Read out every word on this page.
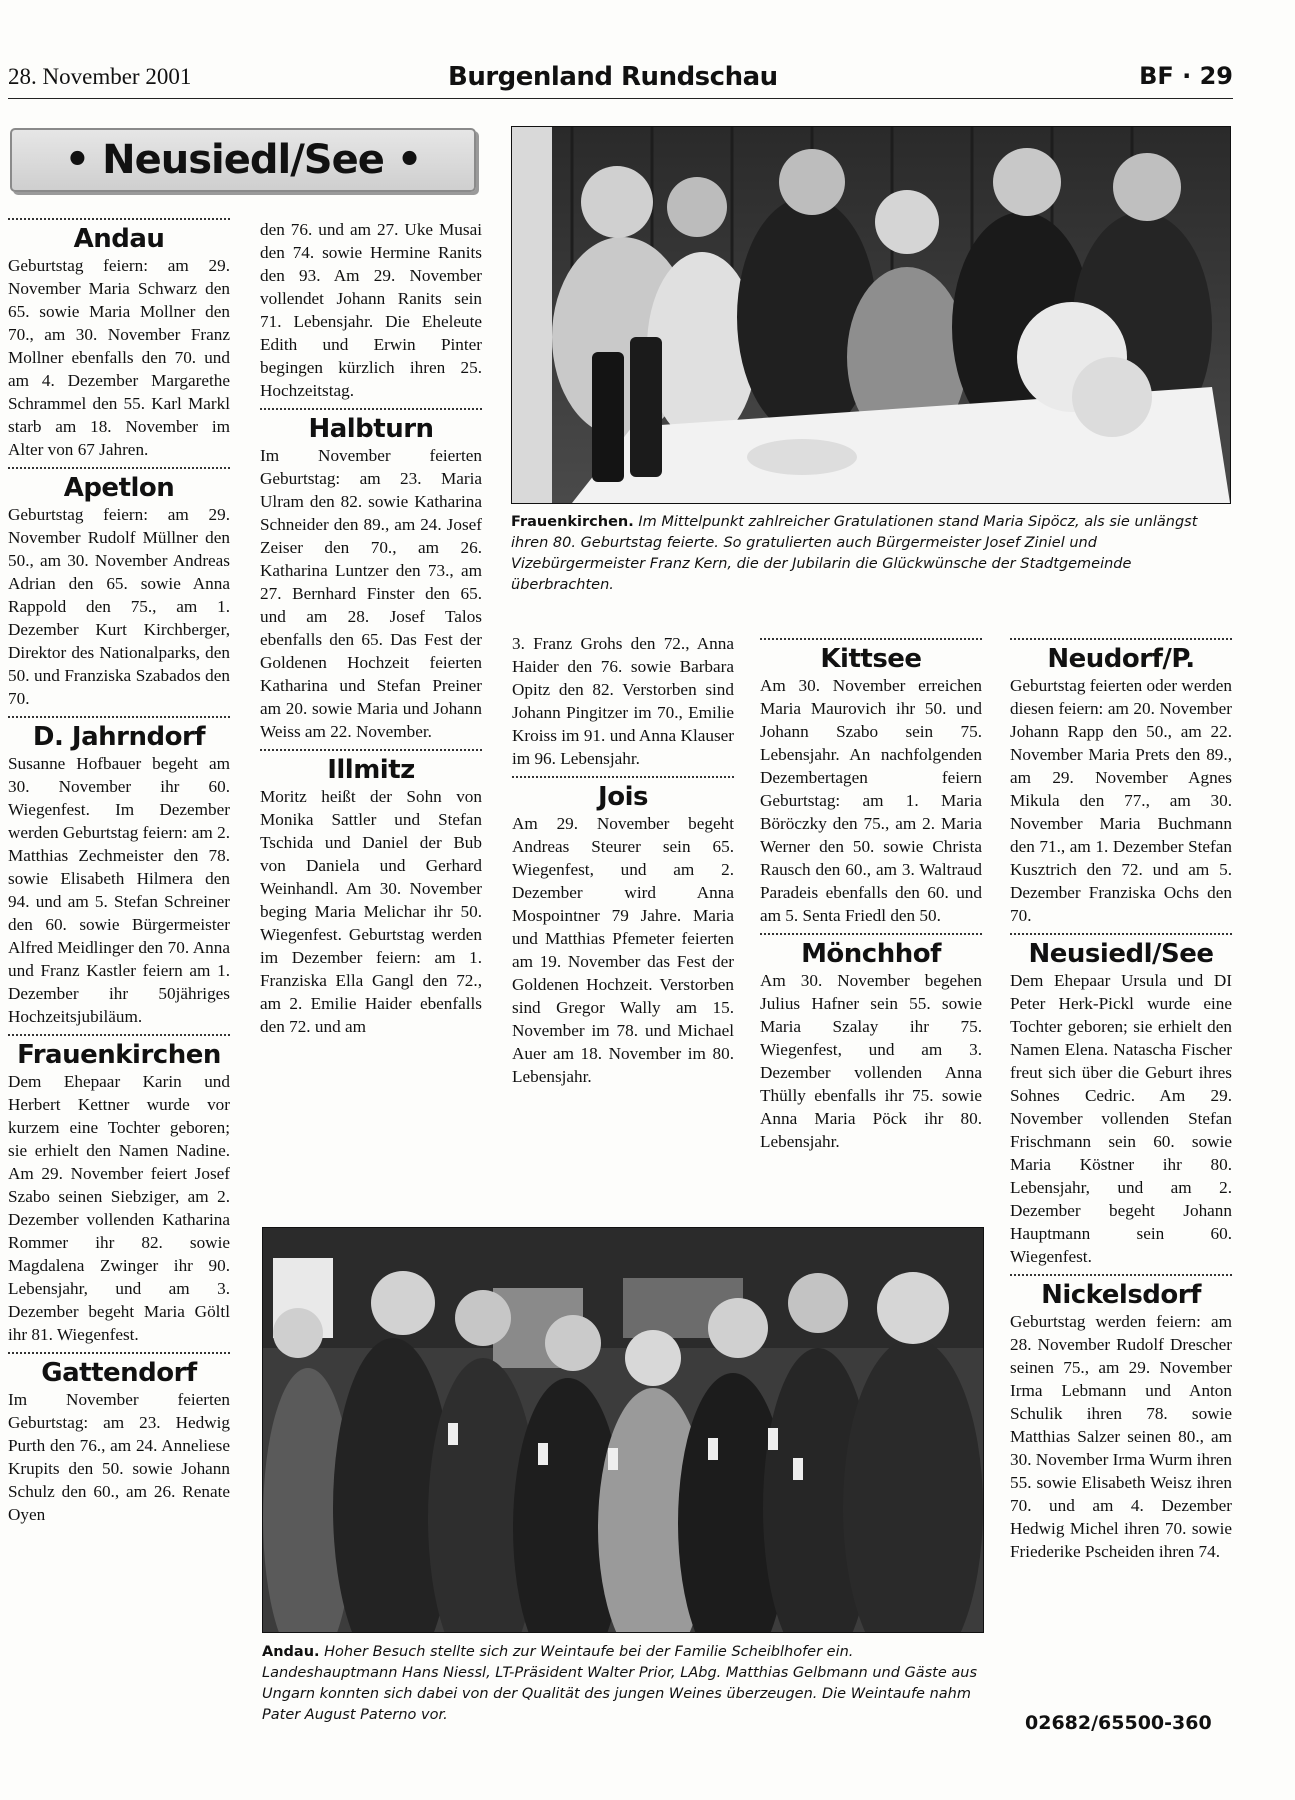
28. November 2001	Burgenland Rundschau	BF · 29
• Neusiedl/See •
Andau

Geburtstag feiern: am 29. November Maria Schwarz den 65. sowie Maria Mollner den 70., am 30. November Franz Mollner ebenfalls den 70. und am 4. Dezember Margarethe Schrammel den 55. Karl Markl starb am 18. November im Alter von 67 Jahren.

Apetlon

Geburtstag feiern: am 29. November Rudolf Müllner den 50., am 30. November Andreas Adrian den 65. sowie Anna Rappold den 75., am 1. Dezember Kurt Kirchberger, Direktor des Nationalparks, den 50. und Franziska Szabados den 70.

D. Jahrndorf

Susanne Hofbauer begeht am 30. November ihr 60. Wiegenfest. Im Dezember werden Geburtstag feiern: am 2. Matthias Zechmeister den 78. sowie Elisabeth Hilmera den 94. und am 5. Stefan Schreiner den 60. sowie Bürgermeister Alfred Meidlinger den 70. Anna und Franz Kastler feiern am 1. Dezember ihr 50jähriges Hochzeitsjubiläum.

Frauenkirchen

Dem Ehepaar Karin und Herbert Kettner wurde vor kurzem eine Tochter geboren; sie erhielt den Namen Nadine. Am 29. November feiert Josef Szabo seinen Siebziger, am 2. Dezember vollenden Katharina Rommer ihr 82. sowie Magdalena Zwinger ihr 90. Lebensjahr, und am 3. Dezember begeht Maria Göltl ihr 81. Wiegenfest.

Gattendorf

Im November feierten Geburtstag: am 23. Hedwig Purth den 76., am 24. Anneliese Krupits den 50. sowie Johann Schulz den 60., am 26. Renate Oyen

den 76. und am 27. Uke Musai den 74. sowie Hermine Ranits den 93. Am 29. November vollendet Johann Ranits sein 71. Lebensjahr. Die Eheleute Edith und Erwin Pinter begingen kürzlich ihren 25. Hochzeitstag.

Halbturn

Im November feierten Geburtstag: am 23. Maria Ulram den 82. sowie Katharina Schneider den 89., am 24. Josef Zeiser den 70., am 26. Katharina Luntzer den 73., am 27. Bernhard Finster den 65. und am 28. Josef Talos ebenfalls den 65. Das Fest der Goldenen Hochzeit feierten Katharina und Stefan Preiner am 20. sowie Maria und Johann Weiss am 22. November.

Illmitz

Moritz heißt der Sohn von Monika Sattler und Stefan Tschida und Daniel der Bub von Daniela und Gerhard Weinhandl. Am 30. November beging Maria Melichar ihr 50. Wiegenfest. Geburtstag werden im Dezember feiern: am 1. Franziska Ella Gangl den 72., am 2. Emilie Haider ebenfalls den 72. und am

Frauenkirchen. Im Mittelpunkt zahlreicher Gratulationen stand Maria Sipöcz, als sie unlängst ihren 80. Geburtstag feierte. So gratulierten auch Bürgermeister Josef Ziniel und Vizebürgermeister Franz Kern, die der Jubilarin die Glückwünsche der Stadtgemeinde überbrachten.

3. Franz Grohs den 72., Anna Haider den 76. sowie Barbara Opitz den 82. Verstorben sind Johann Pingitzer im 70., Emilie Kroiss im 91. und Anna Klauser im 96. Lebensjahr.

Jois

Am 29. November begeht Andreas Steurer sein 65. Wiegenfest, und am 2. Dezember wird Anna Mospointner 79 Jahre. Maria und Matthias Pfemeter feierten am 19. November das Fest der Goldenen Hochzeit. Verstorben sind Gregor Wally am 15. November im 78. und Michael Auer am 18. November im 80. Lebensjahr.

Kittsee

Am 30. November erreichen Maria Maurovich ihr 50. und Johann Szabo sein 75. Lebensjahr. An nachfolgenden Dezembertagen feiern Geburtstag: am 1. Maria Böröczky den 75., am 2. Maria Werner den 50. sowie Christa Rausch den 60., am 3. Waltraud Paradeis ebenfalls den 60. und am 5. Senta Friedl den 50.

Mönchhof

Am 30. November begehen Julius Hafner sein 55. sowie Maria Szalay ihr 75. Wiegenfest, und am 3. Dezember vollenden Anna Thülly ebenfalls ihr 75. sowie Anna Maria Pöck ihr 80. Lebensjahr.

Neudorf/P.

Geburtstag feierten oder werden diesen feiern: am 20. November Johann Rapp den 50., am 22. November Maria Prets den 89., am 29. November Agnes Mikula den 77., am 30. November Maria Buchmann den 71., am 1. Dezember Stefan Kusztrich den 72. und am 5. Dezember Franziska Ochs den 70.

Neusiedl/See

Dem Ehepaar Ursula und DI Peter Herk-Pickl wurde eine Tochter geboren; sie erhielt den Namen Elena. Natascha Fischer freut sich über die Geburt ihres Sohnes Cedric. Am 29. November vollenden Stefan Frischmann sein 60. sowie Maria Köstner ihr 80. Lebensjahr, und am 2. Dezember begeht Johann Hauptmann sein 60. Wiegenfest.

Nickelsdorf

Geburtstag werden feiern: am 28. November Rudolf Drescher seinen 75., am 29. November Irma Lebmann und Anton Schulik ihren 78. sowie Matthias Salzer seinen 80., am 30. November Irma Wurm ihren 55. sowie Elisabeth Weisz ihren 70. und am 4. Dezember Hedwig Michel ihren 70. sowie Friederike Pscheiden ihren 74.

Andau. Hoher Besuch stellte sich zur Weintaufe bei der Familie Scheiblhofer ein. Landeshauptmann Hans Niessl, LT-Präsident Walter Prior, LAbg. Matthias Gelbmann und Gäste aus Ungarn konnten sich dabei von der Qualität des jungen Weines überzeugen. Die Weintaufe nahm Pater August Paterno vor.	02682/65500-360
